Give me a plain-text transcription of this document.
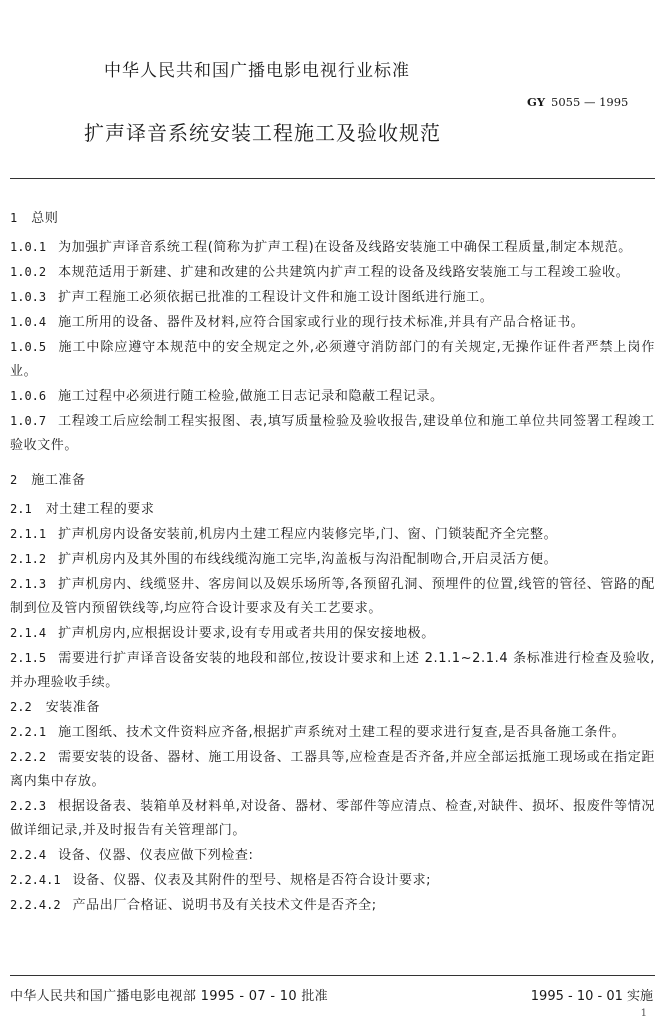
中华人民共和国广播电影电视行业标准
GY 5055 — 1995
扩声译音系统安装工程施工及验收规范

1 总则

1.0.1 为加强扩声译音系统工程(简称为扩声工程)在设备及线路安装施工中确保工程质量,制定本规范。

1.0.2 本规范适用于新建、扩建和改建的公共建筑内扩声工程的设备及线路安装施工与工程竣工验收。

1.0.3 扩声工程施工必须依据已批准的工程设计文件和施工设计图纸进行施工。

1.0.4 施工所用的设备、器件及材料,应符合国家或行业的现行技术标准,并具有产品合格证书。

1.0.5 施工中除应遵守本规范中的安全规定之外,必须遵守消防部门的有关规定,无操作证件者严禁上岗作业。

1.0.6 施工过程中必须进行随工检验,做施工日志记录和隐蔽工程记录。

1.0.7 工程竣工后应绘制工程实报图、表,填写质量检验及验收报告,建设单位和施工单位共同签署工程竣工验收文件。

2 施工准备

2.1 对土建工程的要求

2.1.1 扩声机房内设备安装前,机房内土建工程应内装修完毕,门、窗、门锁装配齐全完整。

2.1.2 扩声机房内及其外围的布线线缆沟施工完毕,沟盖板与沟沿配制吻合,开启灵活方便。

2.1.3 扩声机房内、线缆竖井、客房间以及娱乐场所等,各预留孔洞、预埋件的位置,线管的管径、管路的配制到位及管内预留铁线等,均应符合设计要求及有关工艺要求。

2.1.4 扩声机房内,应根据设计要求,设有专用或者共用的保安接地极。

2.1.5 需要进行扩声译音设备安装的地段和部位,按设计要求和上述 2.1.1~2.1.4 条标准进行检查及验收,并办理验收手续。

2.2 安装准备

2.2.1 施工图纸、技术文件资料应齐备,根据扩声系统对土建工程的要求进行复查,是否具备施工条件。

2.2.2 需要安装的设备、器材、施工用设备、工器具等,应检查是否齐备,并应全部运抵施工现场或在指定距离内集中存放。

2.2.3 根据设备表、装箱单及材料单,对设备、器材、零部件等应清点、检查,对缺件、损坏、报废件等情况做详细记录,并及时报告有关管理部门。

2.2.4 设备、仪器、仪表应做下列检查:

2.2.4.1 设备、仪器、仪表及其附件的型号、规格是否符合设计要求;

2.2.4.2 产品出厂合格证、说明书及有关技术文件是否齐全;

中华人民共和国广播电影电视部 1995 - 07 - 10 批准	1995 - 10 - 01 实施
1
